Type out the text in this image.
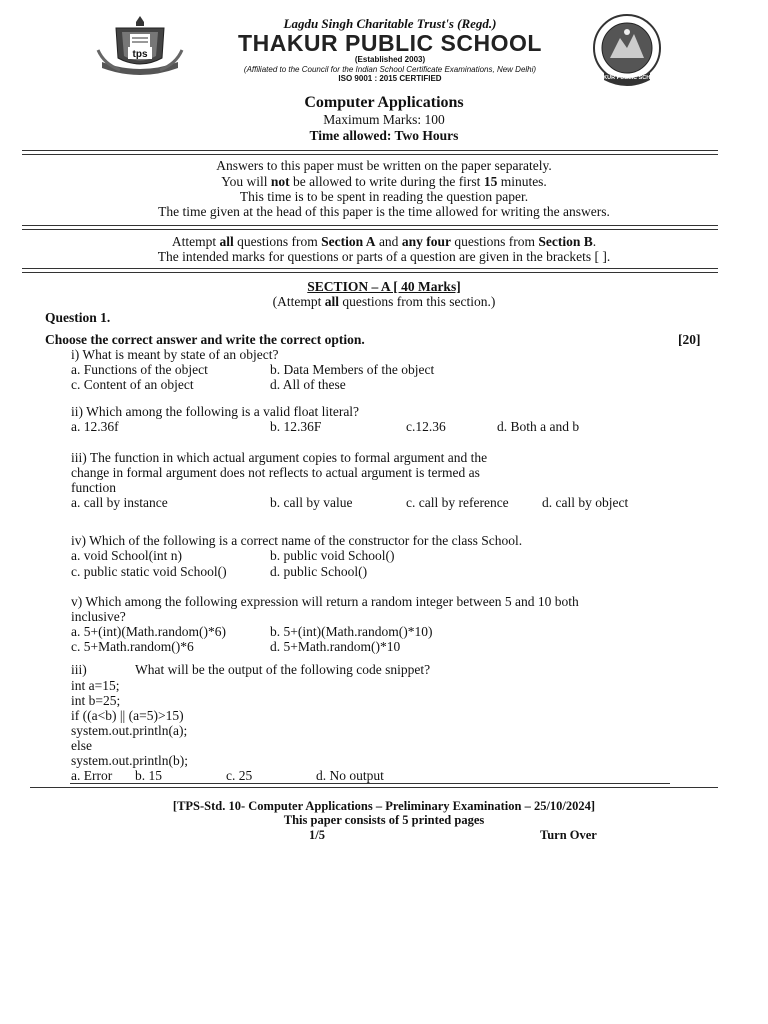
tps
THAKUR PUBLIC SCHOOL
Lagdu Singh Charitable Trust's (Regd.)
THAKUR PUBLIC SCHOOL
(Established 2003)
(Affiliated to the Council for the Indian School Certificate Examinations, New Delhi)
ISO 9001 : 2015 CERTIFIED
Computer Applications
Maximum Marks: 100
Time allowed: Two Hours
Answers to this paper must be written on the paper separately.
You will not be allowed to write during the first 15 minutes.
This time is to be spent in reading the question paper.
The time given at the head of this paper is the time allowed for writing the answers.
Attempt all questions from Section A and any four questions from Section B.
The intended marks for questions or parts of a question are given in the brackets [ ].
SECTION – A [ 40 Marks]
(Attempt all questions from this section.)
Question 1.
Choose the correct answer and write the correct option.	[20]
i) What is meant by state of an object?
a. Functions of the object	b. Data Members of the object
c. Content of an object	d. All of these
ii) Which among the following is a valid float literal?
a. 12.36f	b. 12.36F	c.12.36	d. Both a and b
iii) The function in which actual argument copies to formal argument and the
change in formal argument does not reflects to actual argument is termed as
function
a. call by instance	b. call by value	c. call by reference d. call by object
iv) Which of the following is a correct name of the constructor for the class School.
a. void School(int n)	b. public void School()
c. public static void School()	d. public School()
v) Which among the following expression will return a random integer between 5 and 10 both
inclusive?
a. 5+(int)(Math.random()*6)	b. 5+(int)(Math.random()*10)
c. 5+Math.random()*6	d. 5+Math.random()*10
iii)	What will be the output of the following code snippet?
int a=15;
int b=25;
if ((a<b) || (a=5)>15)
system.out.println(a);
else
system.out.println(b);
a. Error b. 15	c. 25	d. No output
[TPS-Std. 10- Computer Applications – Preliminary Examination – 25/10/2024]
This paper consists of 5 printed pages
1/5	Turn Over
